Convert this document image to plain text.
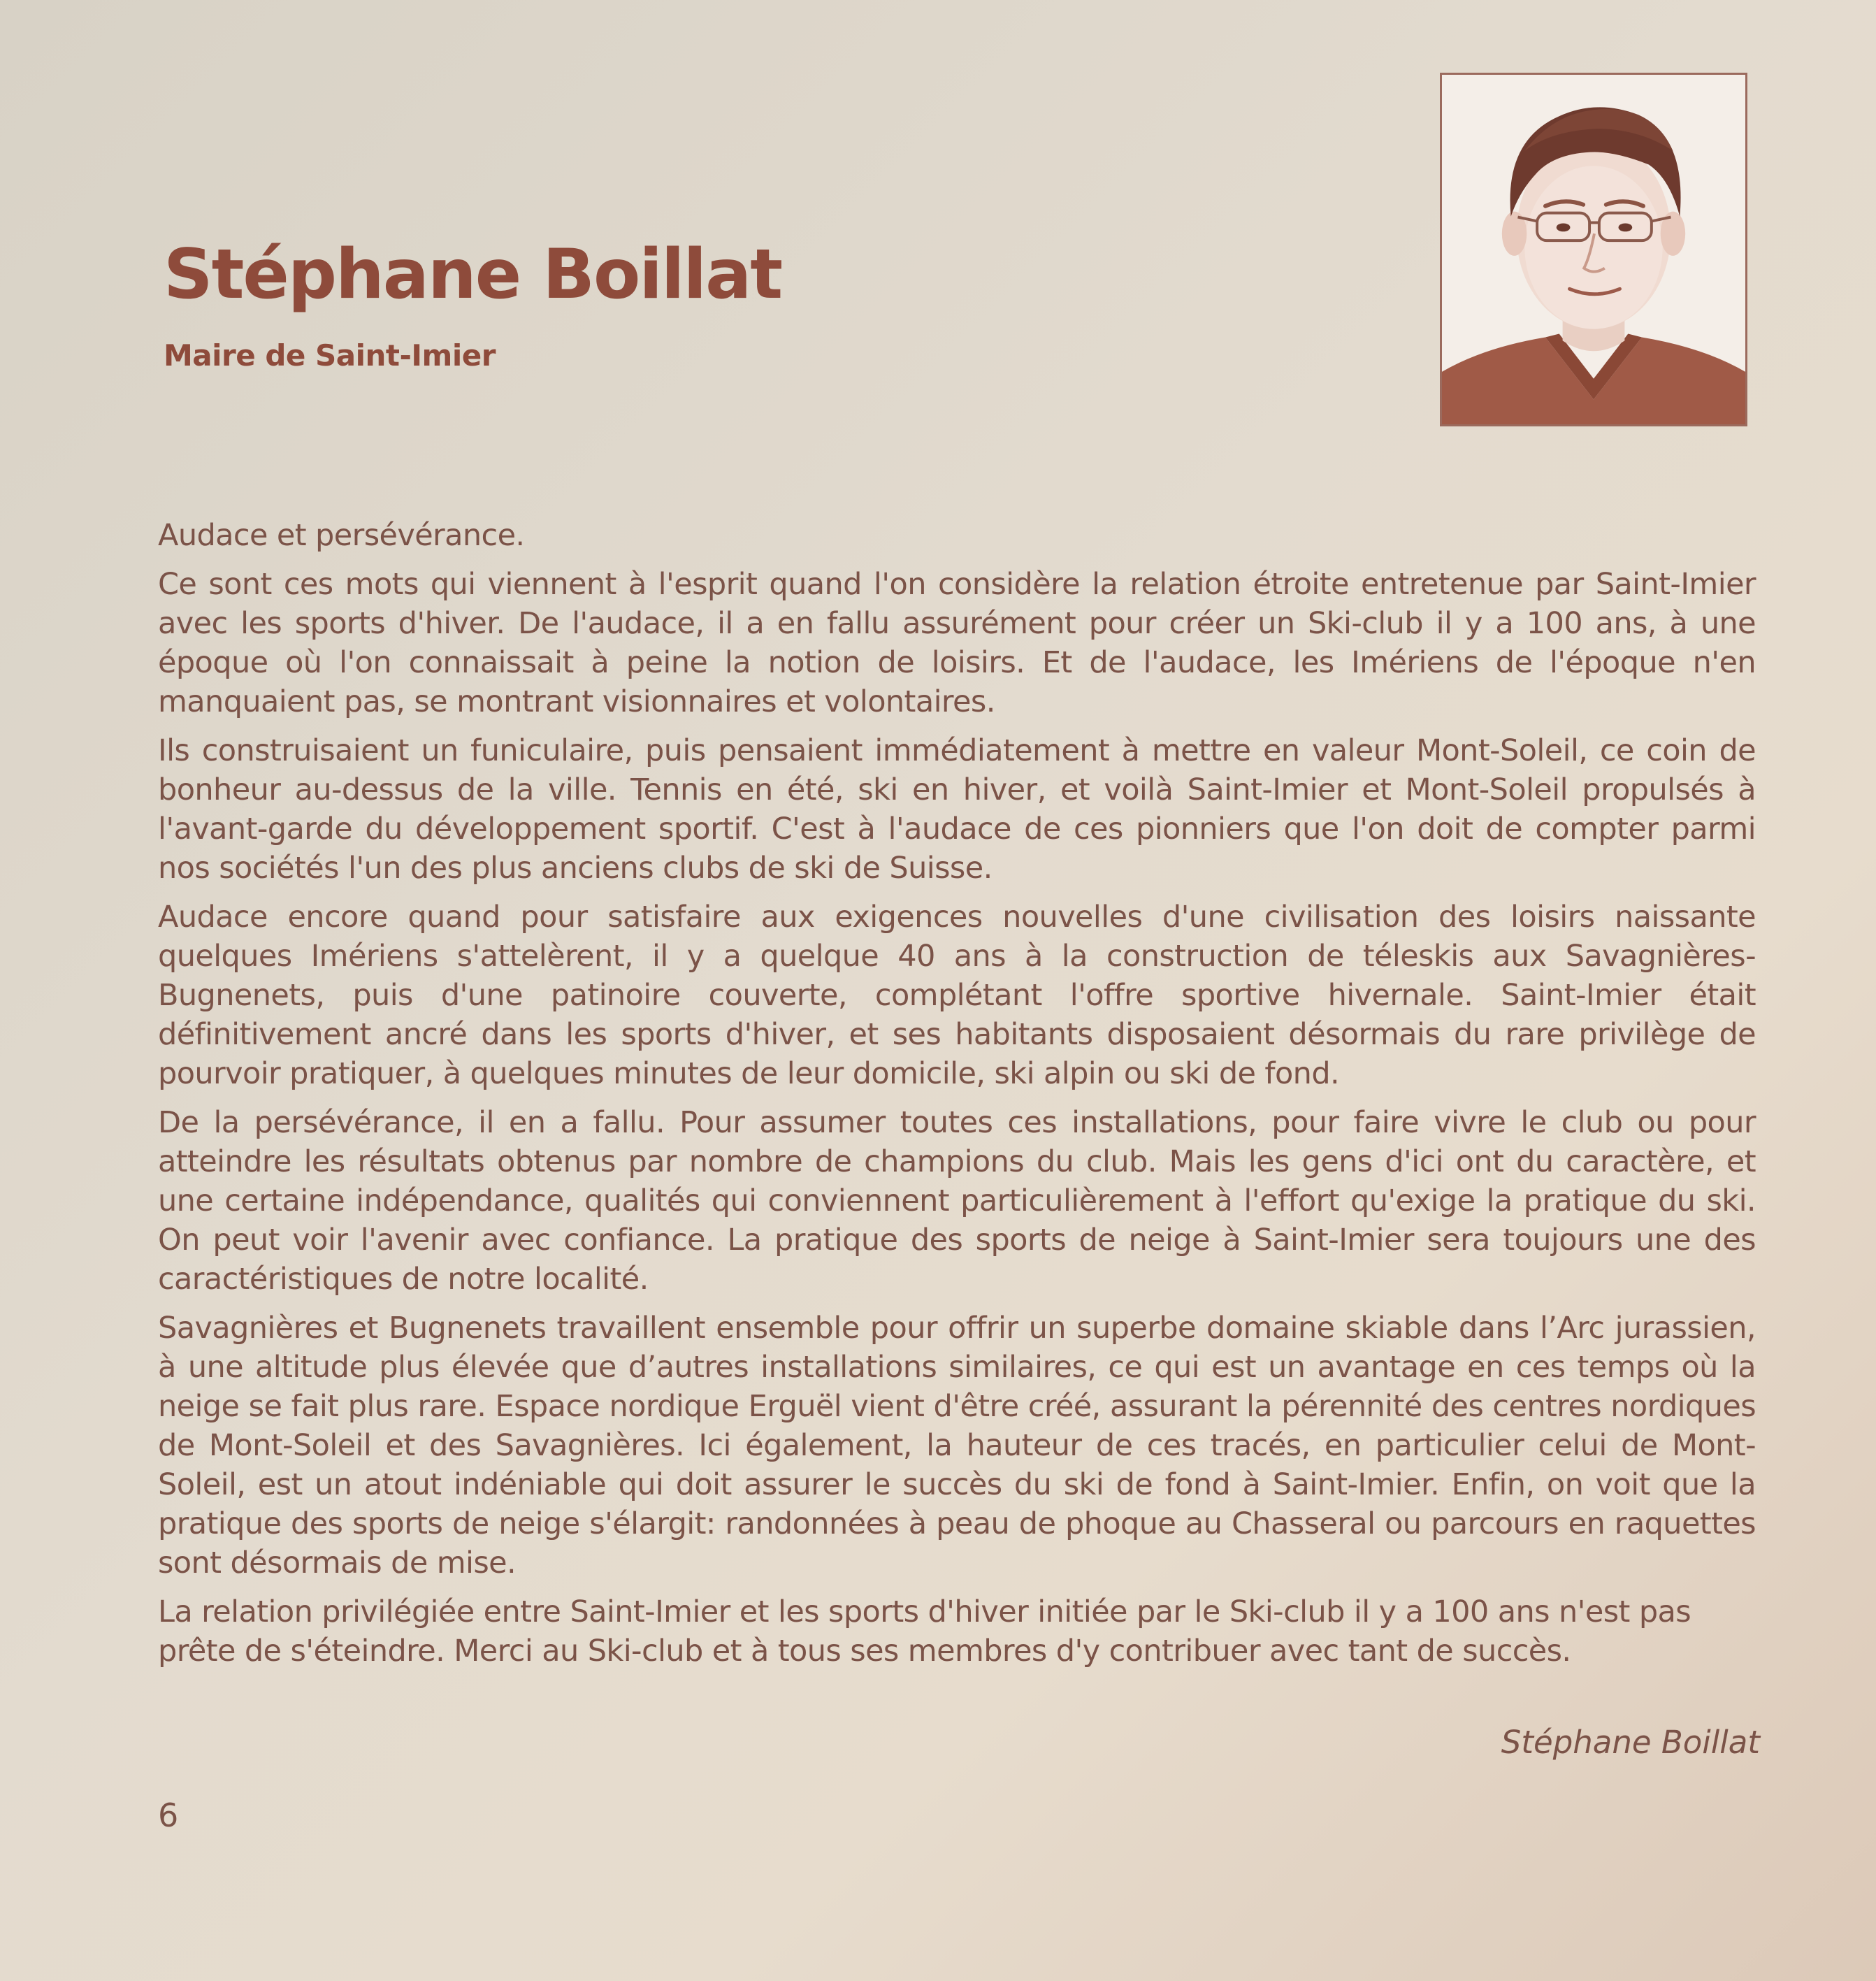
Stéphane Boillat
Maire de Saint-Imier

Audace et persévérance.

Ce sont ces mots qui viennent à l'esprit quand l'on considère la relation étroite entretenue par Saint-Imier avec les sports d'hiver. De l'audace, il a en fallu assurément pour créer un Ski-club il y a 100 ans, à une époque où l'on connaissait à peine la notion de loisirs. Et de l'audace, les Imériens de l'époque n'en manquaient pas, se montrant visionnaires et volontaires.

Ils construisaient un funiculaire, puis pensaient immédiatement à mettre en valeur Mont-Soleil, ce coin de bonheur au-dessus de la ville. Tennis en été, ski en hiver, et voilà Saint-Imier et Mont-Soleil propulsés à l'avant-garde du développement sportif. C'est à l'audace de ces pionniers que l'on doit de compter parmi nos sociétés l'un des plus anciens clubs de ski de Suisse.

Audace encore quand pour satisfaire aux exigences nouvelles d'une civilisation des loisirs naissante quelques Imériens s'attelèrent, il y a quelque 40 ans à la construction de téleskis aux Savagnières-Bugnenets, puis d'une patinoire couverte, complétant l'offre sportive hivernale. Saint-Imier était définitivement ancré dans les sports d'hiver, et ses habitants disposaient désormais du rare privilège de pourvoir pratiquer, à quelques minutes de leur domicile, ski alpin ou ski de fond.

De la persévérance, il en a fallu. Pour assumer toutes ces installations, pour faire vivre le club ou pour atteindre les résultats obtenus par nombre de champions du club. Mais les gens d'ici ont du caractère, et une certaine indépendance, qualités qui conviennent particulièrement à l'effort qu'exige la pratique du ski. On peut voir l'avenir avec confiance. La pratique des sports de neige à Saint-Imier sera toujours une des caractéristiques de notre localité.

Savagnières et Bugnenets travaillent ensemble pour offrir un superbe domaine skiable dans l’Arc jurassien, à une altitude plus élevée que d’autres installations similaires, ce qui est un avantage en ces temps où la neige se fait plus rare. Espace nordique Erguël vient d'être créé, assurant la pérennité des centres nordiques de Mont-Soleil et des Savagnières. Ici également, la hauteur de ces tracés, en particulier celui de Mont-Soleil, est un atout indéniable qui doit assurer le succès du ski de fond à Saint-Imier. Enfin, on voit que la pratique des sports de neige s'élargit: randonnées à peau de phoque au Chasseral ou parcours en raquettes sont désormais de mise.

La relation privilégiée entre Saint-Imier et les sports d'hiver initiée par le Ski-club il y a 100 ans n'est pas prête de s'éteindre. Merci au Ski-club et à tous ses membres d'y contribuer avec tant de succès.

Stéphane Boillat
6
